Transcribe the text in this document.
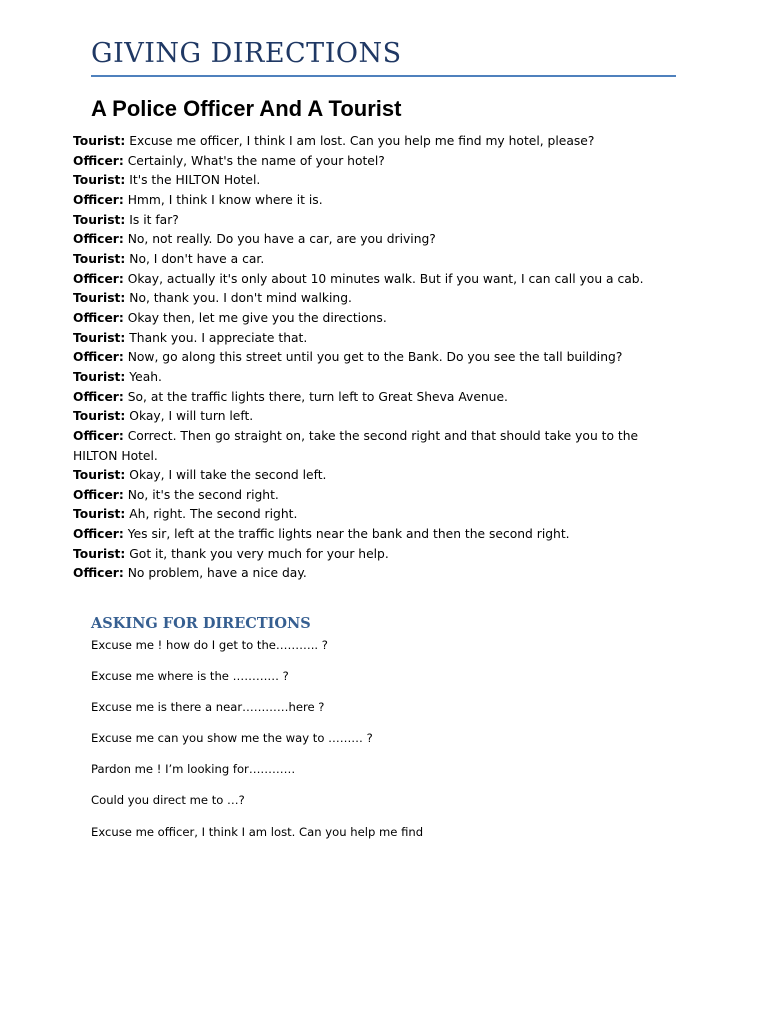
GIVING DIRECTIONS
A Police Officer And A Tourist
Tourist: Excuse me officer, I think I am lost. Can you help me find my hotel, please?
Officer: Certainly, What's the name of your hotel?
Tourist: It's the HILTON Hotel.
Officer: Hmm, I think I know where it is.
Tourist: Is it far?
Officer: No, not really. Do you have a car, are you driving?
Tourist: No, I don't have a car.
Officer: Okay, actually it's only about 10 minutes walk. But if you want, I can call you a cab.
Tourist: No, thank you. I don't mind walking.
Officer: Okay then, let me give you the directions.
Tourist: Thank you. I appreciate that.
Officer: Now, go along this street until you get to the Bank. Do you see the tall building?
Tourist: Yeah.
Officer: So, at the traffic lights there, turn left to Great Sheva Avenue.
Tourist: Okay, I will turn left.
Officer: Correct. Then go straight on, take the second right and that should take you to the HILTON Hotel.
Tourist: Okay, I will take the second left.
Officer: No, it's the second right.
Tourist: Ah, right. The second right.
Officer: Yes sir, left at the traffic lights near the bank and then the second right.
Tourist: Got it, thank you very much for your help.
Officer: No problem, have a nice day.
ASKING FOR DIRECTIONS
Excuse me ! how do I get to the……….. ?
Excuse me where is the ………… ?
Excuse me is there a near…………here ?
Excuse me can you show me the way to ……… ?
Pardon me ! I’m looking for…………
Could you direct me to …?
Excuse me officer, I think I am lost. Can you help me find
